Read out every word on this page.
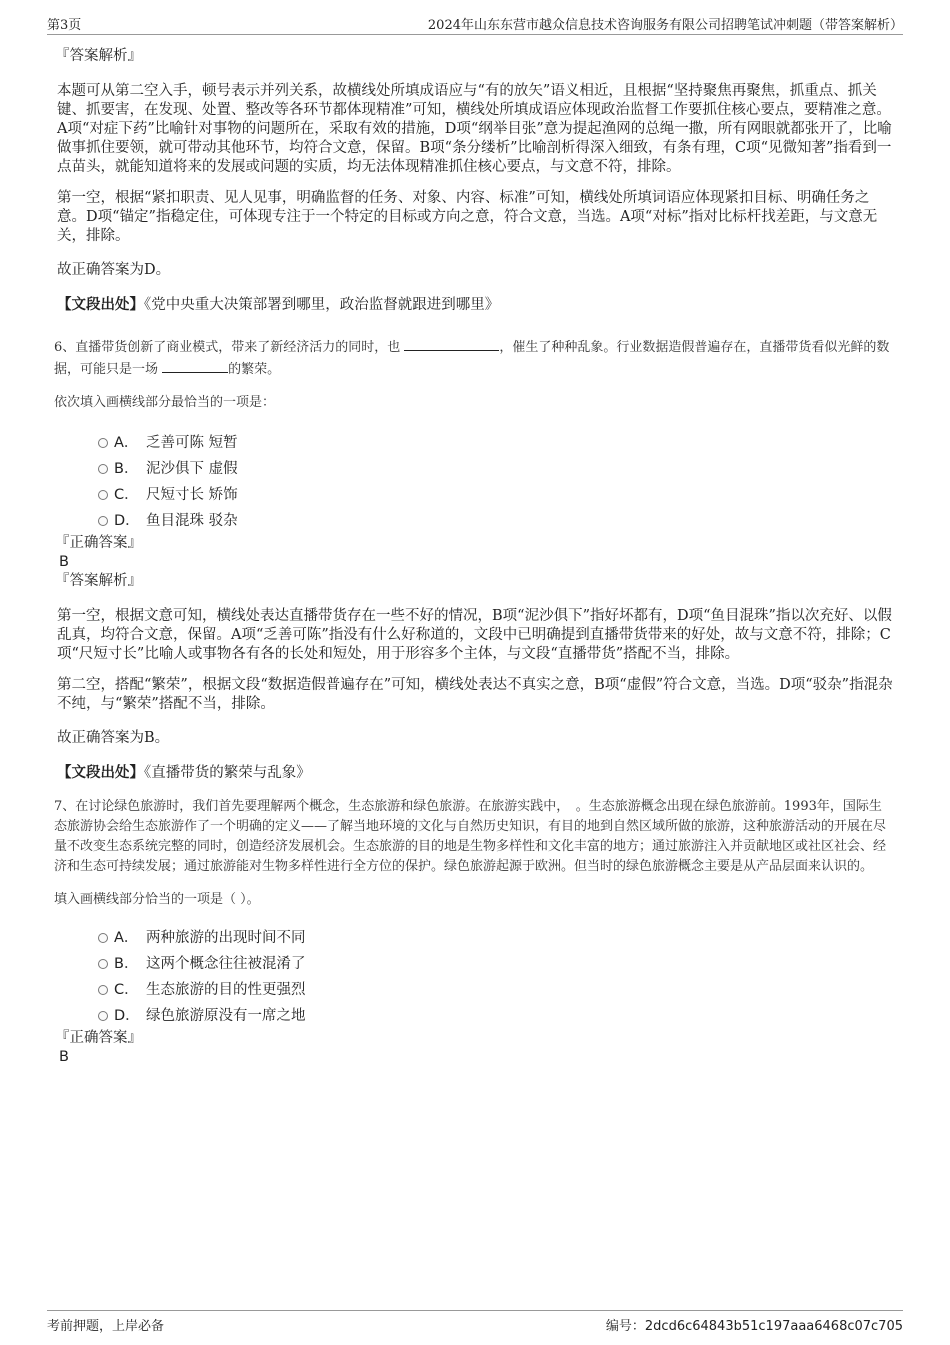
第3页	2024年山东东营市越众信息技术咨询服务有限公司招聘笔试冲刺题（带答案解析）

『答案解析』

本题可从第二空入手，顿号表示并列关系，故横线处所填成语应与“有的放矢”语义相近，且根据“坚持聚焦再聚焦，抓重点、抓关键、抓要害，在发现、处置、整改等各环节都体现精准”可知，横线处所填成语应体现政治监督工作要抓住核心要点，要精准之意。A项“对症下药”比喻针对事物的问题所在，采取有效的措施，D项“纲举目张”意为提起渔网的总绳一撒，所有网眼就都张开了，比喻做事抓住要领，就可带动其他环节，均符合文意，保留。B项“条分缕析”比喻剖析得深入细致，有条有理，C项“见微知著”指看到一点苗头，就能知道将来的发展或问题的实质，均无法体现精准抓住核心要点，与文意不符，排除。

第一空，根据“紧扣职责、见人见事，明确监督的任务、对象、内容、标准”可知，横线处所填词语应体现紧扣目标、明确任务之意。D项“锚定”指稳定住，可体现专注于一个特定的目标或方向之意，符合文意，当选。A项“对标”指对比标杆找差距，与文意无关，排除。

故正确答案为D。

【文段出处】《党中央重大决策部署到哪里，政治监督就跟进到哪里》

6、直播带货创新了商业模式，带来了新经济活力的同时，也	，催生了种种乱象。行业数据造假普遍存在，直播带货看似光鲜的数据，可能只是一场	的繁荣。

依次填入画横线部分最恰当的一项是：

A． 乏善可陈 短暂
B． 泥沙俱下 虚假
C． 尺短寸长 矫饰
D． 鱼目混珠 驳杂

『正确答案』

B

『答案解析』

第一空，根据文意可知，横线处表达直播带货存在一些不好的情况，B项“泥沙俱下”指好坏都有，D项“鱼目混珠”指以次充好、以假乱真，均符合文意，保留。A项“乏善可陈”指没有什么好称道的，文段中已明确提到直播带货带来的好处，故与文意不符，排除；C项“尺短寸长”比喻人或事物各有各的长处和短处，用于形容多个主体，与文段“直播带货”搭配不当，排除。

第二空，搭配“繁荣”，根据文段“数据造假普遍存在”可知，横线处表达不真实之意，B项“虚假”符合文意，当选。D项“驳杂”指混杂不纯，与“繁荣”搭配不当，排除。

故正确答案为B。

【文段出处】《直播带货的繁荣与乱象》

7、在讨论绿色旅游时，我们首先要理解两个概念，生态旅游和绿色旅游。在旅游实践中，　。生态旅游概念出现在绿色旅游前。1993年，国际生态旅游协会给生态旅游作了一个明确的定义——了解当地环境的文化与自然历史知识，有目的地到自然区域所做的旅游，这种旅游活动的开展在尽量不改变生态系统完整的同时，创造经济发展机会。生态旅游的目的地是生物多样性和文化丰富的地方；通过旅游注入并贡献地区或社区社会、经济和生态可持续发展；通过旅游能对生物多样性进行全方位的保护。绿色旅游起源于欧洲。但当时的绿色旅游概念主要是从产品层面来认识的。

填入画横线部分恰当的一项是（ ）。

A． 两种旅游的出现时间不同
B． 这两个概念往往被混淆了
C． 生态旅游的目的性更强烈
D． 绿色旅游原没有一席之地

『正确答案』

B

考前押题，上岸必备	编号：2dcd6c64843b51c197aaa6468c07c705
